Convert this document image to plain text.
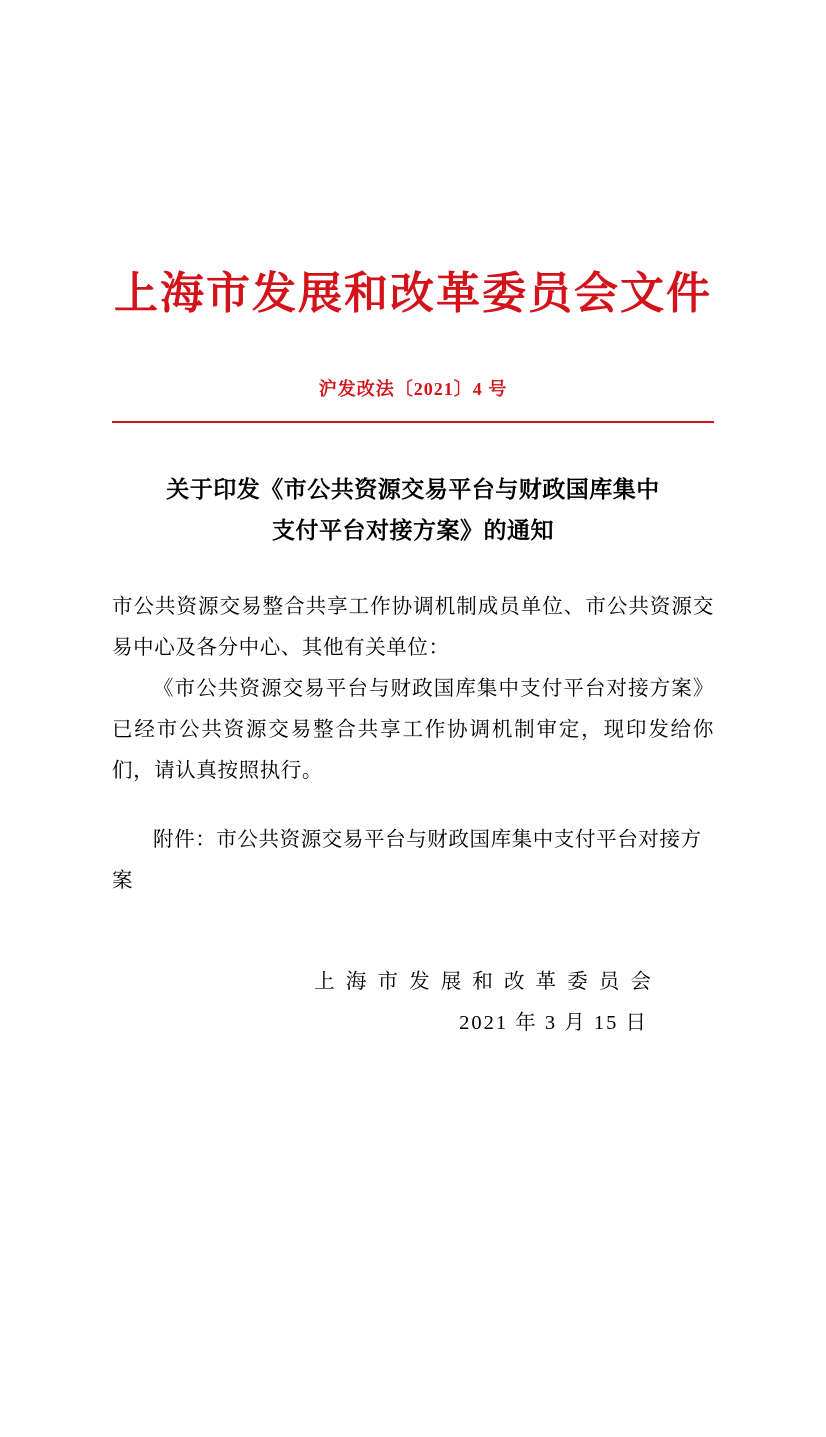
上海市发展和改革委员会文件
沪发改法〔2021〕4 号
关于印发《市公共资源交易平台与财政国库集中
支付平台对接方案》的通知

市公共资源交易整合共享工作协调机制成员单位、市公共资源交易中心及各分中心、其他有关单位：

《市公共资源交易平台与财政国库集中支付平台对接方案》已经市公共资源交易整合共享工作协调机制审定，现印发给你们，请认真按照执行。

附件：市公共资源交易平台与财政国库集中支付平台对接方案
上 海 市 发 展 和 改 革 委 员 会
2021 年 3 月 15 日
